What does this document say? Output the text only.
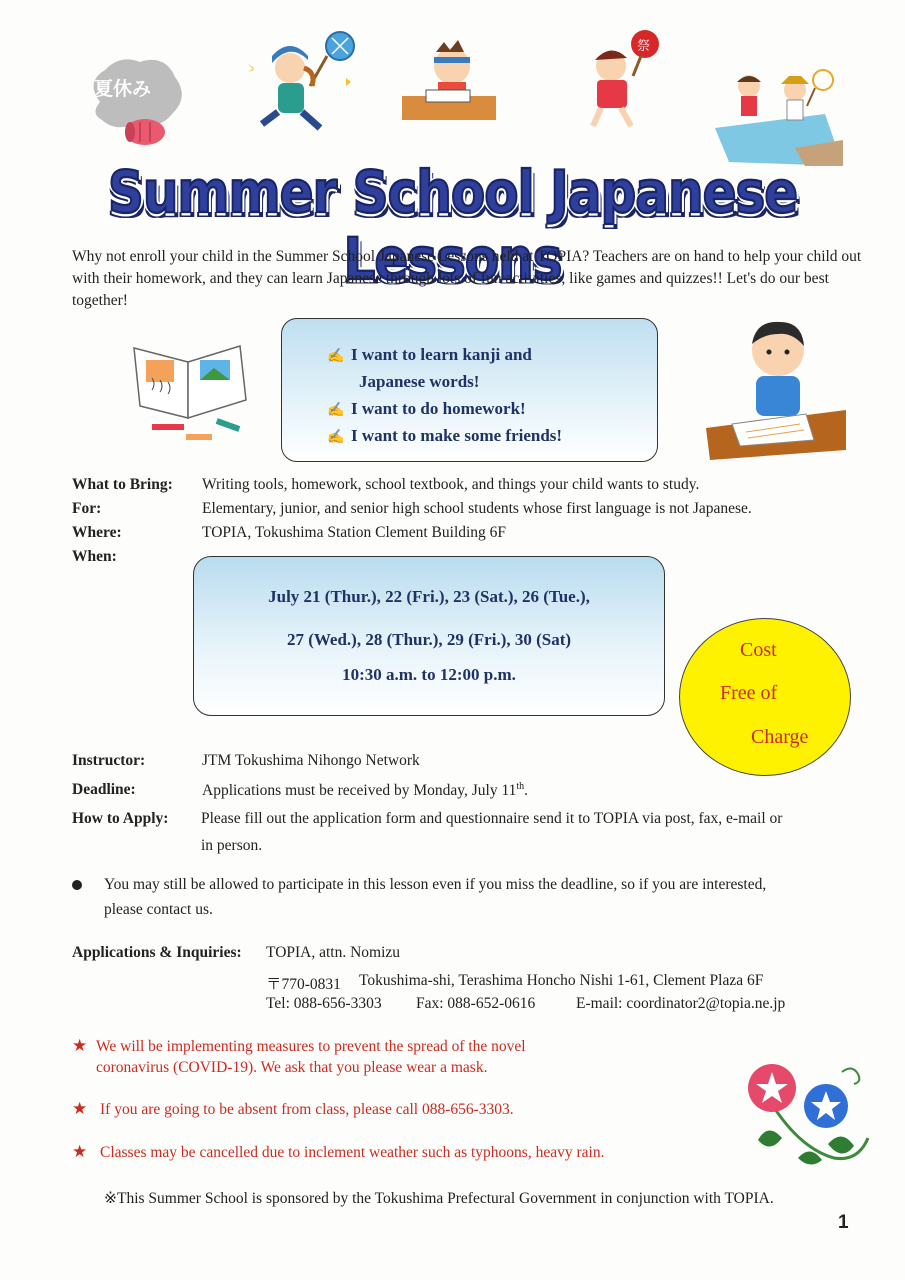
夏休み
祭
Summer School Japanese Lessons
Why not enroll your child in the Summer School Japanese Lessons held at TOPIA? Teachers are on hand to help your child out with their homework, and they can learn Japanese through lots of fun activities, like games and quizzes!! Let's do our best together!
✍ I want to learn kanji and
Japanese words!
✍ I want to do homework!
✍ I want to make some friends!
What to Bring: Writing tools, homework, school textbook, and things your child wants to study.
For:	Elementary, junior, and senior high school students whose first language is not Japanese.
Where:	TOPIA, Tokushima Station Clement Building 6F
When:
July 21 (Thur.), 22 (Fri.), 23 (Sat.), 26 (Tue.),
27 (Wed.), 28 (Thur.), 29 (Fri.), 30 (Sat)
10:30 a.m. to 12:00 p.m.
Cost
Free of
Charge
Instructor:	JTM Tokushima Nihongo Network
Deadline:	Applications must be received by Monday, July 11th.
How to Apply: Please fill out the application form and questionnaire send it to TOPIA via post, fax, e-mail or
in person.
You may still be allowed to participate in this lesson even if you miss the deadline, so if you are interested,
please contact us.
Applications & Inquiries: TOPIA, attn. Nomizu
〒770-0831 Tokushima-shi, Terashima Honcho Nishi 1-61, Clement Plaza 6F
Tel: 088-656-3303 Fax: 088-652-0616	E-mail: coordinator2@topia.ne.jp
★ We will be implementing measures to prevent the spread of the novel
coronavirus (COVID-19). We ask that you please wear a mask.
★ If you are going to be absent from class, please call 088-656-3303.
★ Classes may be cancelled due to inclement weather such as typhoons, heavy rain.
※This Summer School is sponsored by the Tokushima Prefectural Government in conjunction with TOPIA.
1
